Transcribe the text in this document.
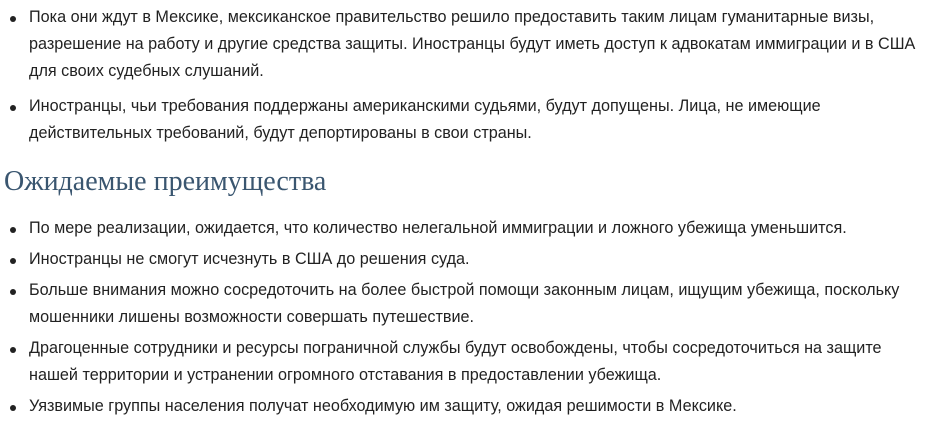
Пока они ждут в Мексике, мексиканское правительство решило предоставить таким лицам гуманитарные визы, разрешение на работу и другие средства защиты. Иностранцы будут иметь доступ к адвокатам иммиграции и в США для своих судебных слушаний.
Иностранцы, чьи требования поддержаны американскими судьями, будут допущены. Лица, не имеющие действительных требований, будут депортированы в свои страны.
Ожидаемые преимущества
По мере реализации, ожидается, что количество нелегальной иммиграции и ложного убежища уменьшится.
Иностранцы не смогут исчезнуть в США до решения суда.
Больше внимания можно сосредоточить на более быстрой помощи законным лицам, ищущим убежища, поскольку мошенники лишены возможности совершать путешествие.
Драгоценные сотрудники и ресурсы пограничной службы будут освобождены, чтобы сосредоточиться на защите нашей территории и устранении огромного отставания в предоставлении убежища.
Уязвимые группы населения получат необходимую им защиту, ожидая решимости в Мексике.
